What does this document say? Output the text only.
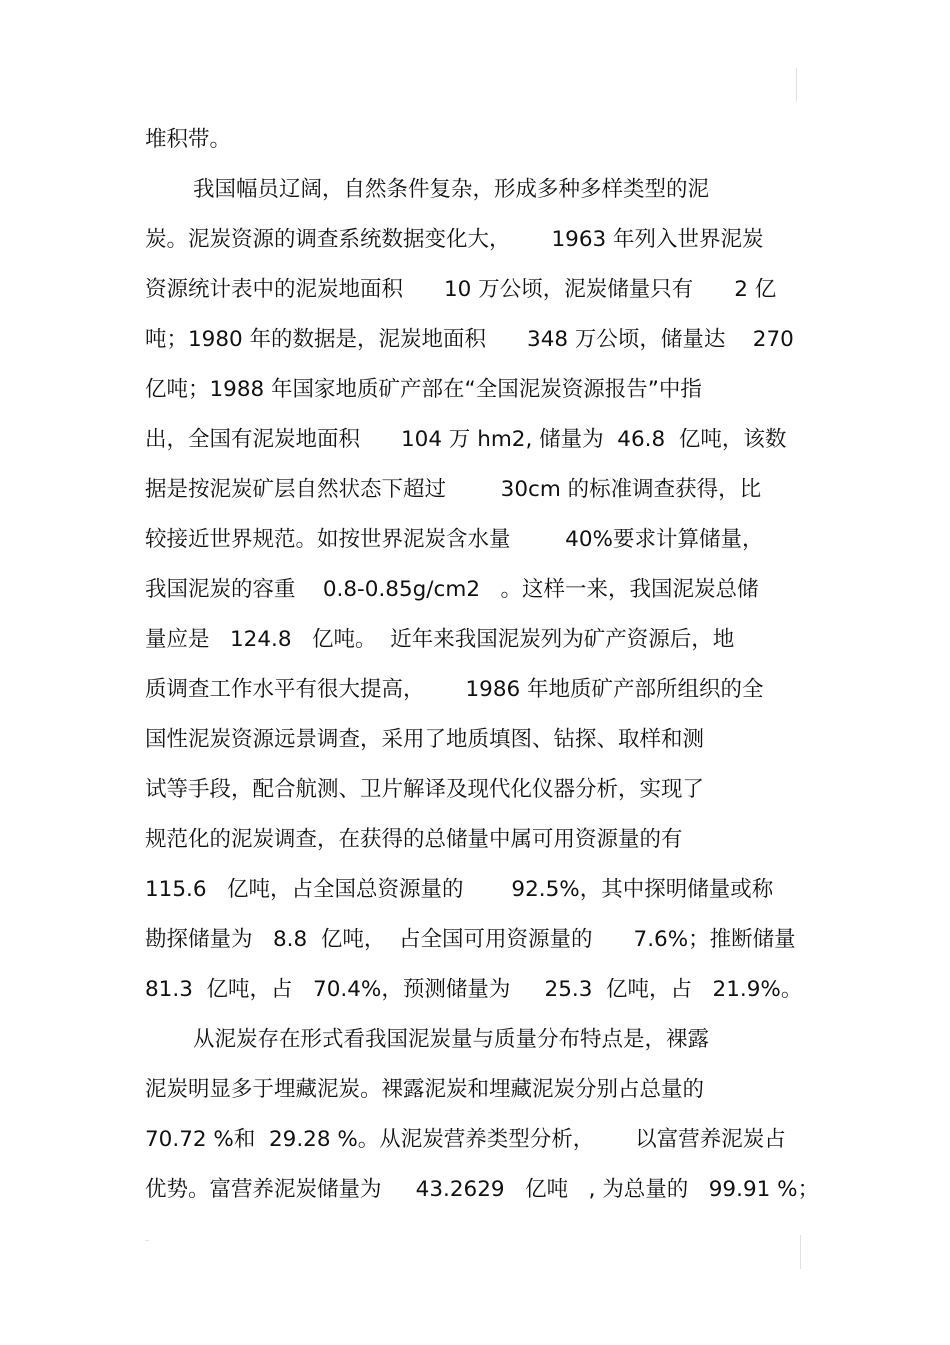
堆积带。
我国幅员辽阔，自然条件复杂，形成多种多样类型的泥
炭。泥炭资源的调查系统数据变化大，      1963 年列入世界泥炭
资源统计表中的泥炭地面积      10 万公顷，泥炭储量只有      2 亿
吨；1980 年的数据是，泥炭地面积      348 万公顷，储量达    270
亿吨；1988 年国家地质矿产部在“全国泥炭资源报告”中指
出，全国有泥炭地面积      104 万 hm2, 储量为  46.8  亿吨，该数
据是按泥炭矿层自然状态下超过        30cm 的标准调查获得，比
较接近世界规范。如按世界泥炭含水量        40%要求计算储量，
我国泥炭的容重    0.8-0.85g/cm2   。这样一来，我国泥炭总储
量应是   124.8   亿吨。  近年来我国泥炭列为矿产资源后，地
质调查工作水平有很大提高，      1986 年地质矿产部所组织的全
国性泥炭资源远景调查，采用了地质填图、钻探、取样和测
试等手段，配合航测、卫片解译及现代化仪器分析，实现了
规范化的泥炭调查，在获得的总储量中属可用资源量的有
115.6   亿吨，占全国总资源量的       92.5%，其中探明储量或称
勘探储量为   8.8  亿吨，  占全国可用资源量的      7.6%；推断储量
81.3  亿吨，占   70.4%，预测储量为     25.3  亿吨，占   21.9%。
从泥炭存在形式看我国泥炭量与质量分布特点是，裸露
泥炭明显多于埋藏泥炭。裸露泥炭和埋藏泥炭分别占总量的
70.72 %和  29.28 %。从泥炭营养类型分析，      以富营养泥炭占
优势。富营养泥炭储量为     43.2629   亿吨   , 为总量的   99.91 %；
